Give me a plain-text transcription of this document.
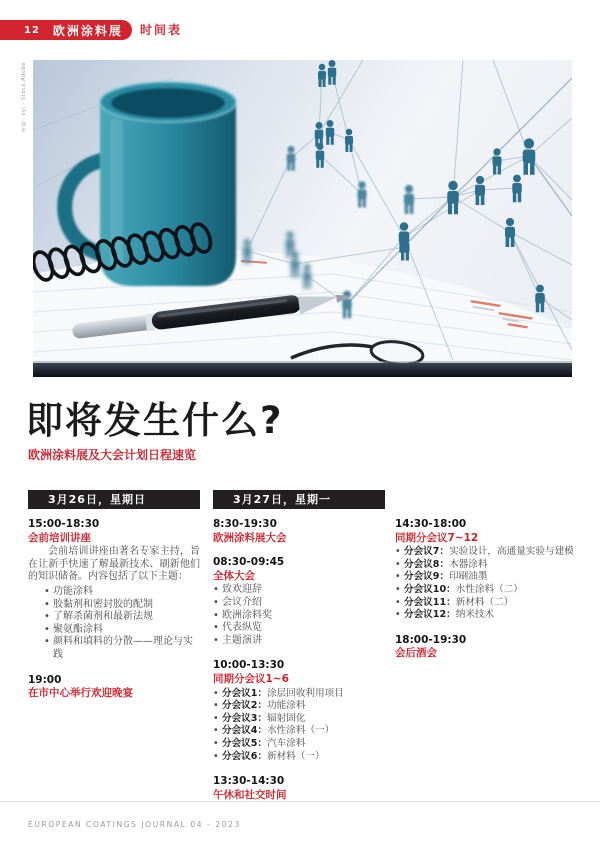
12 欧洲涂料展 时间表
来源：syl - Stock.Adobe
即将发生什么?
欧洲涂料展及大会计划日程速览
3月26日，星期日
15:00-18:30
会前培训讲座
会前培训讲座由著名专家主持，旨在让新手快速了解最新技术、刷新他们的知识储备。内容包括了以下主题：
• 功能涂料
• 胶黏剂和密封胶的配制
• 了解杀菌剂和最新法规
• 聚氨酯涂料
• 颜料和填料的分散——理论与实践
19:00
在市中心举行欢迎晚宴
3月27日，星期一
8:30-19:30
欧洲涂料展大会
08:30-09:45
全体大会
• 致欢迎辞
• 会议介绍
• 欧洲涂料奖
• 代表纵览
• 主题演讲
10:00-13:30
同期分会议1~6
• 分会议1：涂层回收利用项目
• 分会议2：功能涂料
• 分会议3：辐射固化
• 分会议4：水性涂料（一）
• 分会议5：汽车涂料
• 分会议6：新材料（一）
13:30-14:30
午休和社交时间
14:30-18:00
同期分会议7~12
• 分会议7：实验设计，高通量实验与建模
• 分会议8：木器涂料
• 分会议9：印刷油墨
• 分会议10：水性涂料（二）
• 分会议11：新材料（二）
• 分会议12：纳米技术
18:00-19:30
会后酒会
EUROPEAN COATINGS JOURNAL 04 - 2023
